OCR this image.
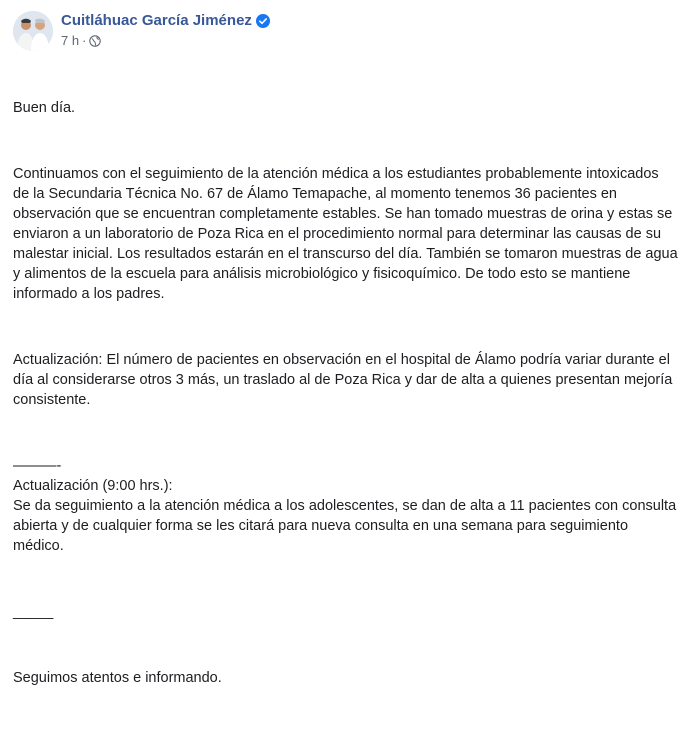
Cuitláhuac García Jiménez
7 h ·

Buen día.

Continuamos con el seguimiento de la atención médica a los estudiantes probablemente intoxicados de la Secundaria Técnica No. 67 de Álamo Temapache, al momento tenemos 36 pacientes en observación que se encuentran completamente estables. Se han tomado muestras de orina y estas se enviaron a un laboratorio de Poza Rica en el procedimiento normal para determinar las causas de su malestar inicial. Los resultados estarán en el transcurso del día. También se tomaron muestras de agua y alimentos de la escuela para análisis microbiológico y fisicoquímico. De todo esto se mantiene informado a los padres.

Actualización: El número de pacientes en observación en el hospital de Álamo podría variar durante el día al considerarse otros 3 más, un traslado al de Poza Rica y dar de alta a quienes presentan mejoría consistente.

———-
Actualización (9:00 hrs.):
Se da seguimiento a la atención médica a los adolescentes, se dan de alta a 11 pacientes con consulta abierta y de cualquier forma se les citará para nueva consulta en una semana para seguimiento médico.

_____

Seguimos atentos e informando.
